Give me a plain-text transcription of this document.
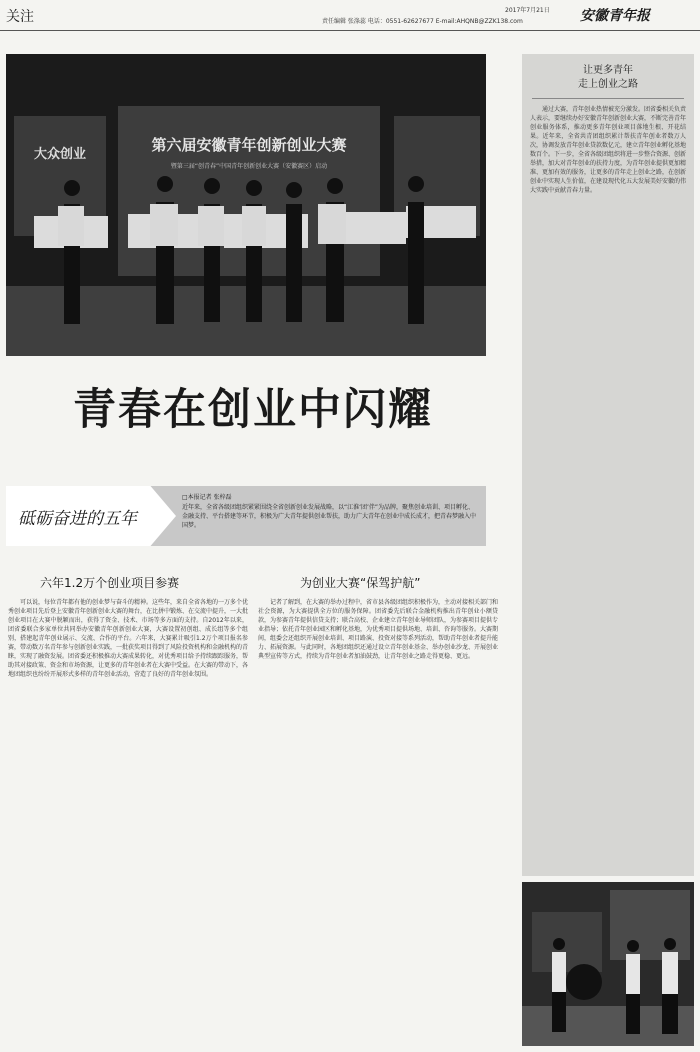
关注	2017年7月21日
责任编辑 张涤蕊 电话：0551-62627677 E-mail:AHQNB@ZZK138.com	安徽青年报
第六届安徽青年创新创业大赛
暨第三届“创青春”中国青年创新创业大赛（安徽赛区）启动
大众创业
青春在创业中闪耀
砥砺奋进的五年
□本报记者 张梓磊
近年来，全省各级团组织紧紧围绕全省创新创业发展战略，以“江淮‘团’伴”为品牌，聚焦创业培训、项目孵化、金融支持、平台搭建等环节，积极为广大青年提供创业帮扶，助力广大青年在创业中成长成才，把青春梦融入中国梦。
六年1.2万个创业项目参赛	为创业大赛“保驾护航”
可以说，每位青年都有他的创业梦与奋斗的精神。这些年，来自全省各地的一万多个优秀创业项目先后登上安徽青年创新创业大赛的舞台，在比拼中锻炼、在交流中提升，一大批创业项目在大赛中脱颖而出，获得了资金、技术、市场等多方面的支持。自2012年以来，团省委联合多家单位共同举办安徽青年创新创业大赛，大赛设置初创组、成长组等多个组别，搭建起青年创业展示、交流、合作的平台。六年来，大赛累计吸引1.2万个项目报名参赛，带动数万名青年参与创新创业实践，一批获奖项目得到了风险投资机构和金融机构的青睐，实现了融资发展。团省委还积极推动大赛成果转化，对优秀项目给予持续跟踪服务，帮助其对接政策、资金和市场资源，让更多的青年创业者在大赛中受益。在大赛的带动下，各地团组织也纷纷开展形式多样的青年创业活动，营造了良好的青年创业氛围。
记者了解到，在大赛的举办过程中，省市县各级团组织积极作为，主动对接相关部门和社会资源，为大赛提供全方位的服务保障。团省委先后联合金融机构推出青年创业小额贷款，为参赛青年提供信贷支持；联合高校、企业建立青年创业导师团队，为参赛项目提供专业指导；依托青年创业园区和孵化基地，为优秀项目提供场地、培训、咨询等服务。大赛期间，组委会还组织开展创业培训、项目路演、投资对接等系列活动，帮助青年创业者提升能力、拓展资源。与此同时，各地团组织还通过设立青年创业基金、举办创业沙龙、开展创业典型宣传等方式，持续为青年创业者加油鼓劲，让青年创业之路走得更稳、更远。
让更多青年
走上创业之路
通过大赛，青年创业热情被充分激发。团省委相关负责人表示，要继续办好安徽青年创新创业大赛，不断完善青年创业服务体系，推动更多青年创业项目落地生根、开花结果。近年来，全省共青团组织累计帮扶青年创业者数万人次，协调发放青年创业贷款数亿元，建立青年创业孵化基地数百个。下一步，全省各级团组织将进一步整合资源、创新举措，加大对青年创业的扶持力度，为青年创业提供更加精准、更加有效的服务，让更多的青年走上创业之路，在创新创业中实现人生价值，在建设现代化五大发展美好安徽的伟大实践中贡献青春力量。
